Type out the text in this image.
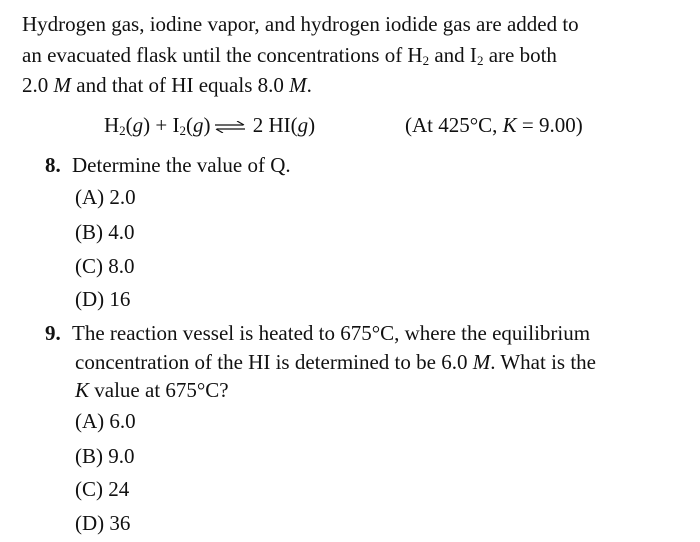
Hydrogen gas, iodine vapor, and hydrogen iodide gas are added to
an evacuated flask until the concentrations of $H_2$ and $I_2$ are both
2.0 M and that of HI equals 8.0 M.
$H_2(g) + I_2(g)$ ⇌ 2 HI(g)	(At 425°C, K = 9.00)
8. Determine the value of Q.
(A) 2.0
(B) 4.0
(C) 8.0
(D) 16
9. The reaction vessel is heated to 675°C, where the equilibrium
concentration of the HI is determined to be 6.0 M. What is the
K value at 675°C?
(A) 6.0
(B) 9.0
(C) 24
(D) 36
